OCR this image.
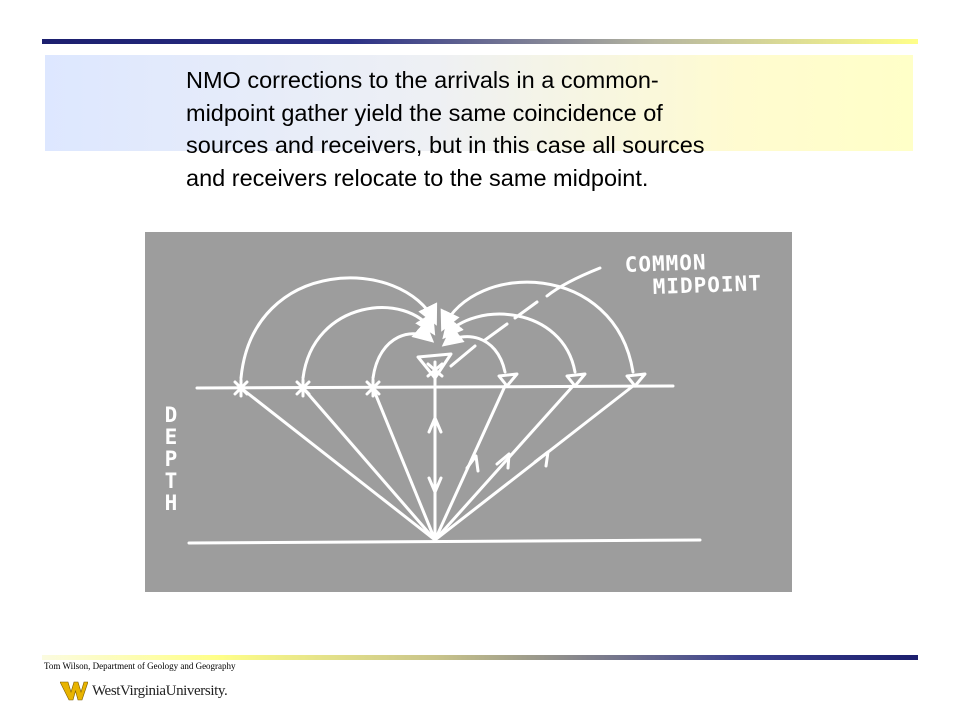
NMO corrections to the arrivals in a common-
midpoint gather yield the same coincidence of
sources and receivers, but in this case all sources
and receivers relocate to the same midpoint.
COMMON
MIDPOINT
D
E
P
T
H
Tom Wilson, Department of Geology and Geography
WestVirginiaUniversity.
